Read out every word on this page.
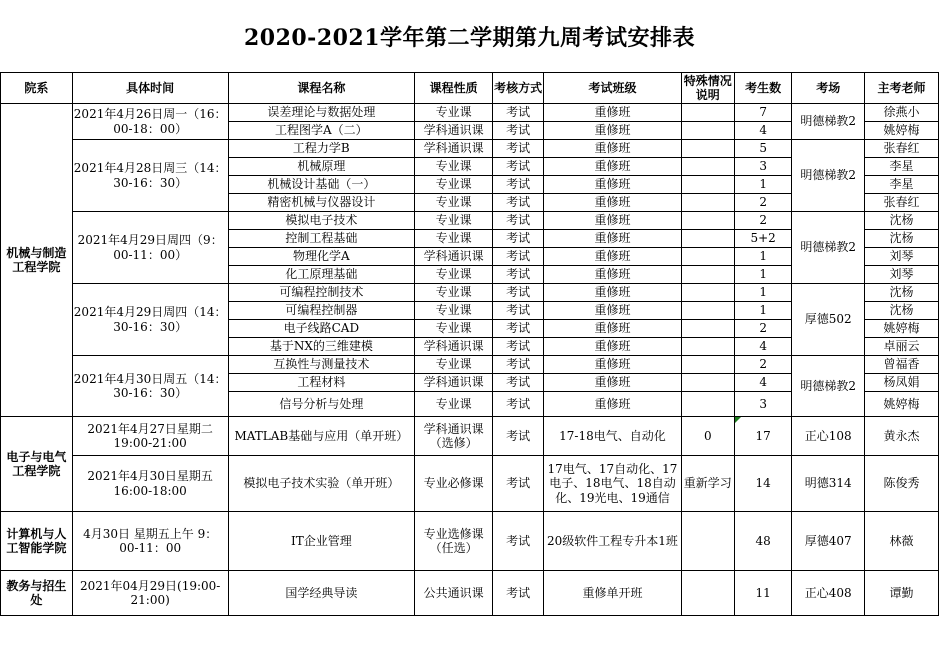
2020-2021学年第二学期第九周考试安排表
院系	具体时间	课程名称	课程性质	考核方式	考试班级	特殊情况说明	考生数	考场	主考老师
机械与制造工程学院	2021年4月26日周一（16：00-18：00）	误差理论与数据处理	专业课	考试	重修班		7	明德梯教2	徐燕小
		工程图学A（二）	学科通识课	考试	重修班		4		姚婷梅
	2021年4月28日周三（14：30-16：30）	工程力学B	学科通识课	考试	重修班		5	明德梯教2	张春红
		机械原理	专业课	考试	重修班		3		李星
		机械设计基础（一）	专业课	考试	重修班		1		李星
		精密机械与仪器设计	专业课	考试	重修班		2		张春红
	2021年4月29日周四（9：00-11：00）	模拟电子技术	专业课	考试	重修班		2	明德梯教2	沈杨
		控制工程基础	专业课	考试	重修班		5+2		沈杨
		物理化学A	学科通识课	考试	重修班		1		刘琴
		化工原理基础	专业课	考试	重修班		1		刘琴
	2021年4月29日周四（14：30-16：30）	可编程控制技术	专业课	考试	重修班		1	厚德502	沈杨
		可编程控制器	专业课	考试	重修班		1		沈杨
		电子线路CAD	专业课	考试	重修班		2		姚婷梅
		基于NX的三维建模	学科通识课	考试	重修班		4		卓丽云
	2021年4月30日周五（14：30-16：30）	互换性与测量技术	专业课	考试	重修班		2	明德梯教2	曾福香
		工程材料	学科通识课	考试	重修班		4		杨凤娟
		信号分析与处理	专业课	考试	重修班		3		姚婷梅
电子与电气工程学院	2021年4月27日星期二 19:00-21:00	MATLAB基础与应用（单开班）	学科通识课（选修）	考试	17-18电气、自动化	0	17	正心108	黄永杰
	2021年4月30日星期五 16:00-18:00	模拟电子技术实验（单开班）	专业必修课	考试	17电气、17自动化、17电子、18电气、18自动化、19光电、19通信	重新学习	14	明德314	陈俊秀
计算机与人工智能学院	4月30日 星期五上午 9：00-11：00	IT企业管理	专业选修课（任选）	考试	20级软件工程专升本1班		48	厚德407	林薇
教务与招生处	2021年04月29日(19:00-21:00)	国学经典导读	公共通识课	考试	重修单开班		11	正心408	谭勤
